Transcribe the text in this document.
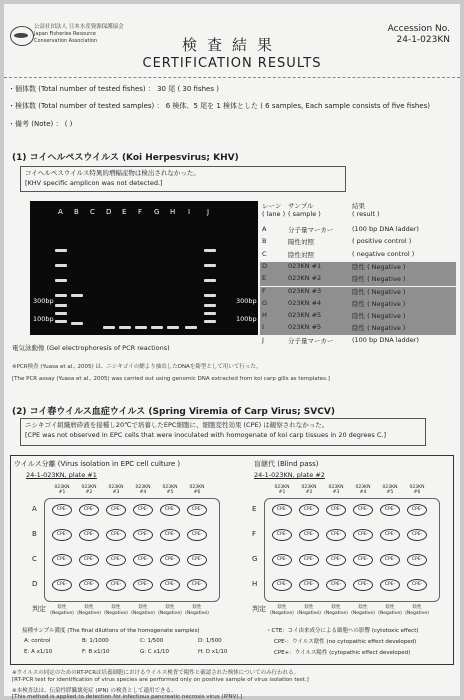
公益社団法人 日本水産資源保護協会
Japan Fisheries Resource
Conservation Association
Accession No.
24-1-023KN
検査結果
CERTIFICATION RESULTS
・個体数 (Total number of tested fishes) ： 30 尾 ( 30 fishes )
・検体数 (Total number of tested samples) ： 6 検体、5 尾を 1 検体とした ( 6 samples, Each sample consists of five fishes)
・備考 (Note) ： ( )
(1) コイヘルペスウイルス (Koi Herpesvirus; KHV)
コイヘルペスウイルス特異的増幅産物は検出されなかった。
[KHV specific amplicon was not detected.]
A B C D E F G H I J
300bp
100bp
300bp
100bp
電気泳動像 (Gel electrophoresis of PCR reactions)
レーン サンプル	結果
( lane ) ( sample )	( result )
A	分子量マーカー	(100 bp DNA ladder)
B	陽性対照	( positive control )
C	陰性対照	( negative control )
D	023KN #1	陰性 ( Negative )
E	023KN #2	陰性 ( Negative )
F	023KN #3	陰性 ( Negative )
G	023KN #4	陰性 ( Negative )
H	023KN #5	陰性 ( Negative )
I	023KN #5	陰性 ( Negative )
J	分子量マーカー	(100 bp DNA ladder)
※PCR検査 (Yuasa et al., 2005) は、ニシキゴイの鰓より抽出したDNAを鋳型として用いて行った。
[The PCR assay (Yuasa et al., 2005) was carried out using genomic DNA extracted from koi carp gills as templates.]
(2) コイ春ウイルス血症ウイルス (Spring Viremia of Carp Virus; SVCV)
ニシキゴイ組織磨砕液を接種し20℃で培養したEPC細胞に、細胞変性効果 (CPE) は観察されなかった。
[CPE was not observed in EPC cells that were inoculated with homogenate of koi carp tissues in 20 degrees C.]
ウイルス分離 (Virus isolation in EPC cell culture )
24-1-023KN, plate #1
盲継代 (Blind pass)
24-1-023KN, plate #2
023KN #1
023KN #2
023KN #3
023KN #4
023KN #5
023KN #6
A	CPE-	CPE-	CPE-	CPE-	CPE-	CPE-
B	CPE-	CPE-	CPE-	CPE-	CPE-	CPE-
C	CPE-	CPE-	CPE-	CPE-	CPE-	CPE-
D	CPE-	CPE-	CPE-	CPE-	CPE-	CPE-
判定	陰性
(Negative)
陰性
(Negative)
陰性
(Negative)
陰性
(Negative)
陰性
(Negative)
陰性
(Negative)
023KN #1
023KN #2
023KN #3
023KN #4
023KN #5
023KN #6
E	CPE-	CPE-	CPE-	CPE-	CPE-	CPE-
F	CPE-	CPE-	CPE-	CPE-	CPE-	CPE-
G	CPE-	CPE-	CPE-	CPE-	CPE-	CPE-
H	CPE-	CPE-	CPE-	CPE-	CPE-	CPE-
判定	陰性
(Negative)
陰性
(Negative)
陰性
(Negative)
陰性
(Negative)
陰性
(Negative)
陰性
(Negative)
接種サンプル濃度 (The final dilutions of the homogenate samples)
A: control	B: 1/1000	C: 1/500	D: 1/500
E: A x1/10	F: B x1/10	G: C x1/10	H: D x1/10
・CTE：コイ由来成分による細胞への影響 (cytotoxic effect)
CPE-：ウイルス陰性 (no cytopathic effect developed)
CPE+：ウイルス陽性 (cytopathic effect developed)
※ウイルスの同定のためのRT-PCRは培養細胞におけるウイルス検査で陽性と確認された検体についてのみ行われる。
[RT-PCR test for identification of virus species are performed only on positive sample of virus isolation test.]
※本検査法は、伝染性膵臓壊死症 (IPN) の検査として適用できる。
[This method is applied to detection for infectious pancreatic necrosis virus (IPNV).]
